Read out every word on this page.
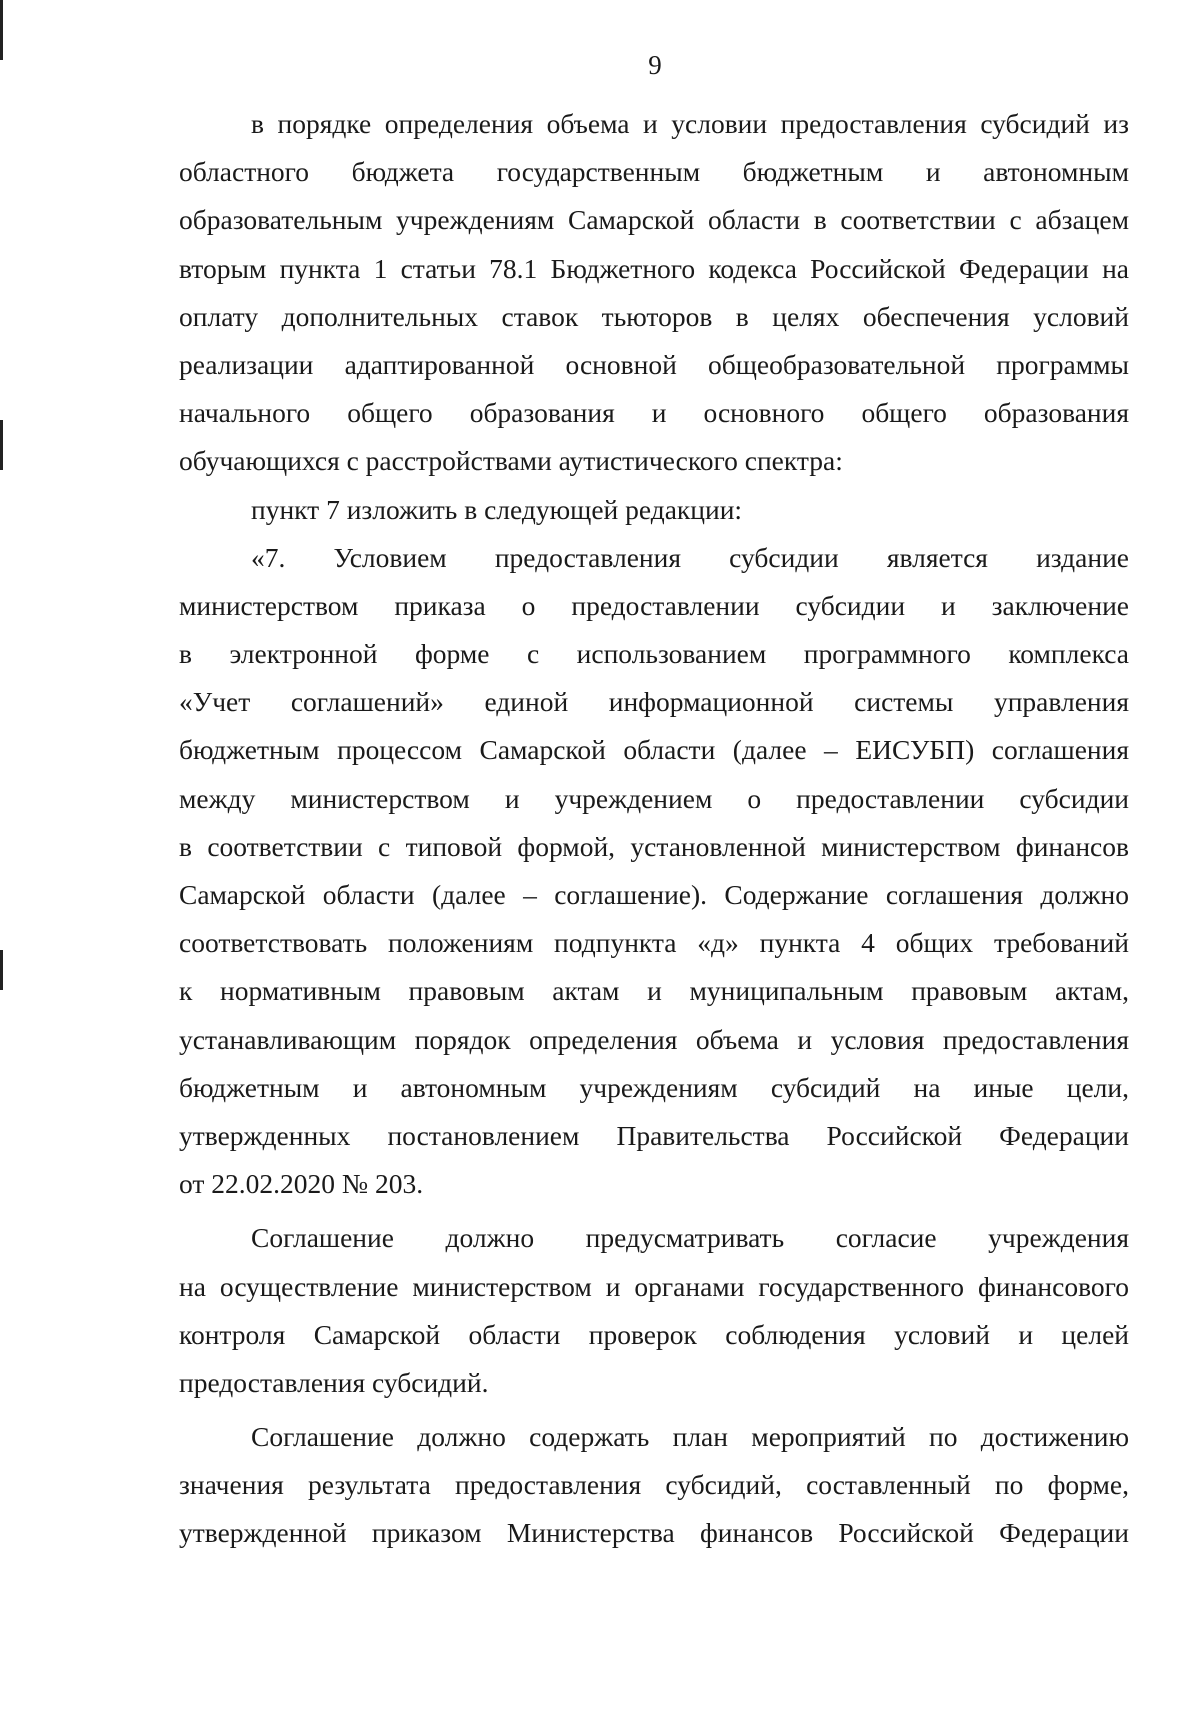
9
в порядке определения объема и условии предоставления субсидий из
областного бюджета государственным бюджетным и автономным
образовательным учреждениям Самарской области в соответствии с абзацем
вторым пункта 1 статьи 78.1 Бюджетного кодекса Российской Федерации на
оплату дополнительных ставок тьюторов в целях обеспечения условий
реализации адаптированной основной общеобразовательной программы
начального общего образования и основного общего образования
обучающихся с расстройствами аутистического спектра:
пункт 7 изложить в следующей редакции:
«7. Условием предоставления субсидии является издание
министерством приказа о предоставлении субсидии и заключение
в электронной форме с использованием программного комплекса
«Учет соглашений» единой информационной системы управления
бюджетным процессом Самарской области (далее – ЕИСУБП) соглашения
между министерством и учреждением о предоставлении субсидии
в соответствии с типовой формой, установленной министерством финансов
Самарской области (далее – соглашение). Содержание соглашения должно
соответствовать положениям подпункта «д» пункта 4 общих требований
к нормативным правовым актам и муниципальным правовым актам,
устанавливающим порядок определения объема и условия предоставления
бюджетным и автономным учреждениям субсидий на иные цели,
утвержденных постановлением Правительства Российской Федерации
от 22.02.2020 № 203.
Соглашение должно предусматривать согласие учреждения
на осуществление министерством и органами государственного финансового
контроля Самарской области проверок соблюдения условий и целей
предоставления субсидий.
Соглашение должно содержать план мероприятий по достижению
значения результата предоставления субсидий, составленный по форме,
утвержденной приказом Министерства финансов Российской Федерации
